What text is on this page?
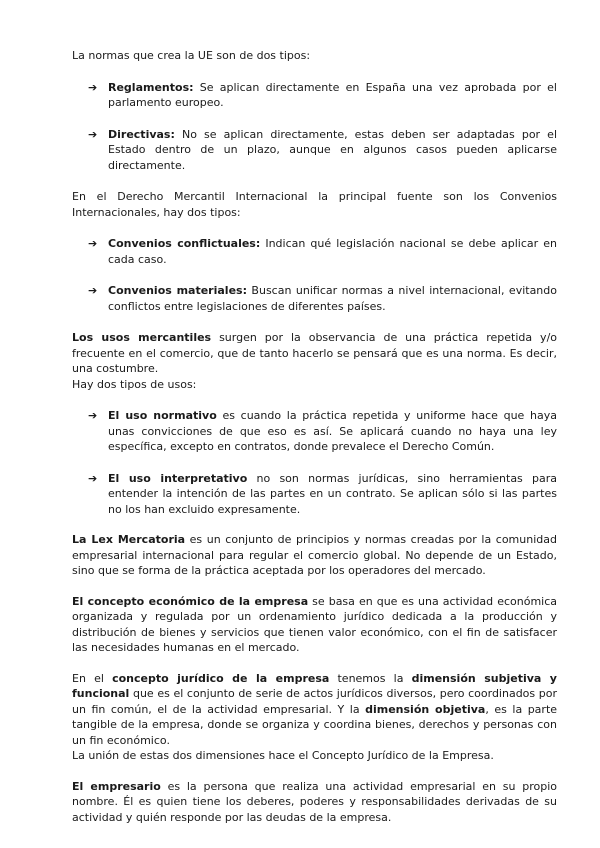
La normas que crea la UE son de dos tipos:

➔ Reglamentos: Se aplican directamente en España una vez aprobada por el parlamento europeo.
➔ Directivas: No se aplican directamente, estas deben ser adaptadas por el Estado dentro de un plazo, aunque en algunos casos pueden aplicarse directamente.

En el Derecho Mercantil Internacional la principal fuente son los Convenios Internacionales, hay dos tipos:

➔ Convenios conflictuales: Indican qué legislación nacional se debe aplicar en cada caso.
➔ Convenios materiales: Buscan unificar normas a nivel internacional, evitando conflictos entre legislaciones de diferentes países.

Los usos mercantiles surgen por la observancia de una práctica repetida y/o frecuente en el comercio, que de tanto hacerlo se pensará que es una norma. Es decir, una costumbre.

Hay dos tipos de usos:

➔ El uso normativo es cuando la práctica repetida y uniforme hace que haya unas convicciones de que eso es así. Se aplicará cuando no haya una ley específica, excepto en contratos, donde prevalece el Derecho Común.
➔ El uso interpretativo no son normas jurídicas, sino herramientas para entender la intención de las partes en un contrato. Se aplican sólo si las partes no los han excluido expresamente.

La Lex Mercatoria es un conjunto de principios y normas creadas por la comunidad empresarial internacional para regular el comercio global. No depende de un Estado, sino que se forma de la práctica aceptada por los operadores del mercado.

El concepto económico de la empresa se basa en que es una actividad económica organizada y regulada por un ordenamiento jurídico dedicada a la producción y distribución de bienes y servicios que tienen valor económico, con el fin de satisfacer las necesidades humanas en el mercado.

En el concepto jurídico de la empresa tenemos la dimensión subjetiva y funcional que es el conjunto de serie de actos jurídicos diversos, pero coordinados por un fin común, el de la actividad empresarial. Y la dimensión objetiva, es la parte tangible de la empresa, donde se organiza y coordina bienes, derechos y personas con un fin económico.

La unión de estas dos dimensiones hace el Concepto Jurídico de la Empresa.

El empresario es la persona que realiza una actividad empresarial en su propio nombre. Él es quien tiene los deberes, poderes y responsabilidades derivadas de su actividad y quién responde por las deudas de la empresa.
